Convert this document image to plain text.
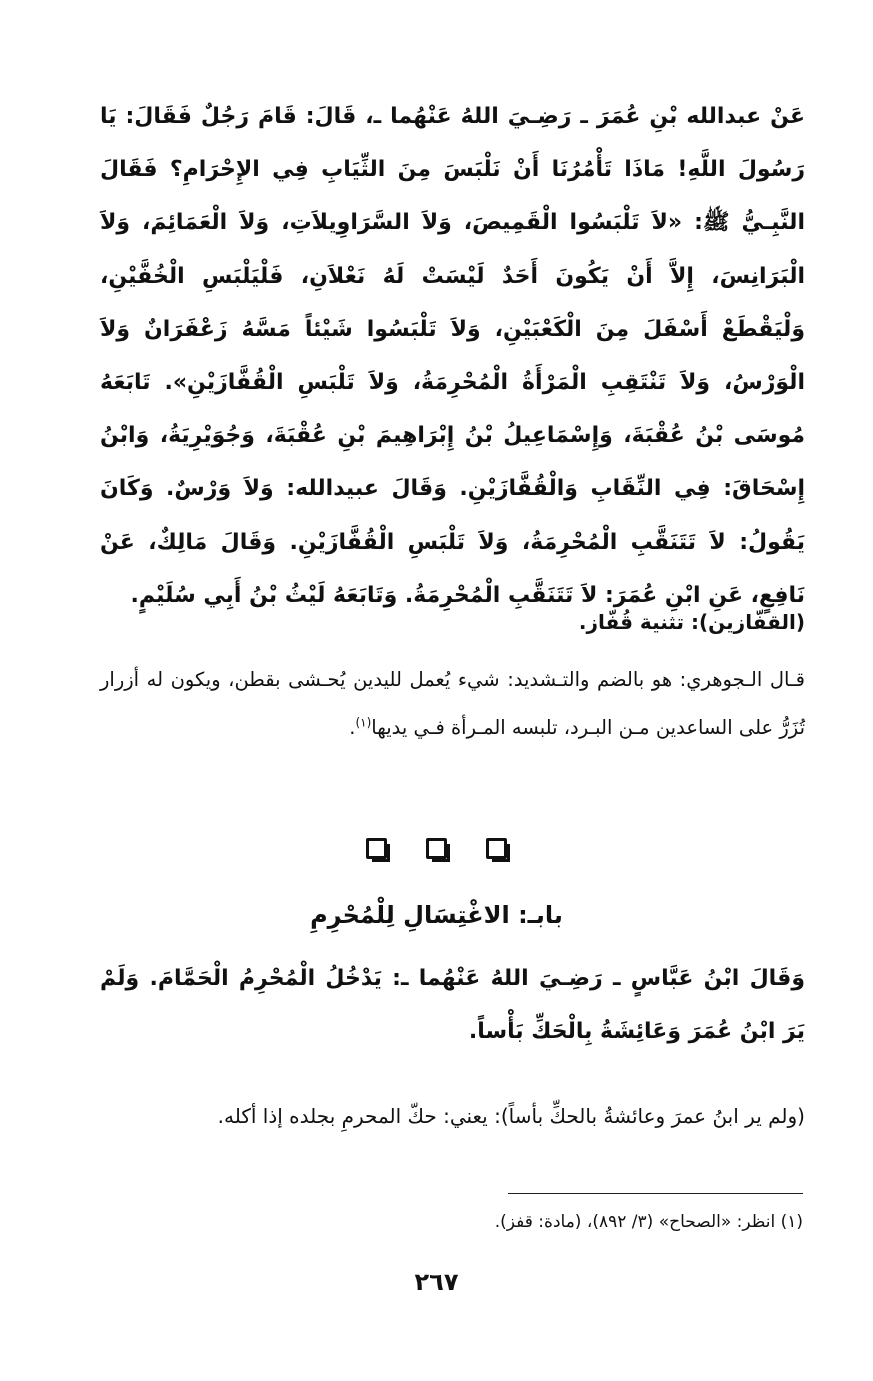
عَنْ عبدالله بْنِ عُمَرَ ـ رَضِـيَ اللهُ عَنْهُما ـ، قَالَ: قَامَ رَجُلٌ فَقَالَ: يَا رَسُولَ اللَّهِ! مَاذَا تَأْمُرُنَا أَنْ نَلْبَسَ مِنَ الثِّيَابِ فِي الإِحْرَامِ؟ فَقَالَ النَّبِـيُّ ﷺ: «لاَ تَلْبَسُوا الْقَمِيصَ، وَلاَ السَّرَاوِيلاَتِ، وَلاَ الْعَمَائِمَ، وَلاَ الْبَرَانِسَ، إِلاَّ أَنْ يَكُونَ أَحَدٌ لَيْسَتْ لَهُ نَعْلاَنِ، فَلْيَلْبَسِ الْخُفَّيْنِ، وَلْيَقْطَعْ أَسْفَلَ مِنَ الْكَعْبَيْنِ، وَلاَ تَلْبَسُوا شَيْئاً مَسَّهُ زَعْفَرَانٌ وَلاَ الْوَرْسُ، وَلاَ تَنْتَقِبِ الْمَرْأَةُ الْمُحْرِمَةُ، وَلاَ تَلْبَسِ الْقُفَّازَيْنِ». تَابَعَهُ مُوسَى بْنُ عُقْبَةَ، وَإِسْمَاعِيلُ بْنُ إِبْرَاهِيمَ بْنِ عُقْبَةَ، وَجُوَيْرِيَةُ، وَابْنُ إِسْحَاقَ: فِي النِّقَابِ وَالْقُفَّازَيْنِ. وَقَالَ عبيدالله: وَلاَ وَرْسٌ. وَكَانَ يَقُولُ: لاَ تَتَنَقَّبِ الْمُحْرِمَةُ، وَلاَ تَلْبَسِ الْقُفَّازَيْنِ. وَقَالَ مَالِكٌ، عَنْ نَافِعٍ، عَنِ ابْنِ عُمَرَ: لاَ تَتَنَقَّبِ الْمُحْرِمَةُ. وَتَابَعَهُ لَيْثُ بْنُ أَبِي سُلَيْمٍ.

(القفّازين): تثنية قُفّاز.

قـال الـجوهري: هو بالضم والتـشديد: شيء يُعمل لليدين يُحـشى بقطن، ويكون له أزرار تُزَرُّ على الساعدين مـن البـرد، تلبسه المـرأة فـي يديها$^{(١)}$.

بابـ: الاغْتِسَالِ لِلْمُحْرِمِ

وَقَالَ ابْنُ عَبَّاسٍ ـ رَضِـيَ اللهُ عَنْهُما ـ: يَدْخُلُ الْمُحْرِمُ الْحَمَّامَ. وَلَمْ يَرَ ابْنُ عُمَرَ وَعَائِشَةُ بِالْحَكِّ بَأْساً.

(ولم ير ابنُ عمرَ وعائشةُ بالحكِّ بأساً): يعني: حكّ المحرمِ بجلده إذا أكله.

(١) انظر: «الصحاح» (٣/ ٨٩٢)، (مادة: قفز).
٢٦٧
